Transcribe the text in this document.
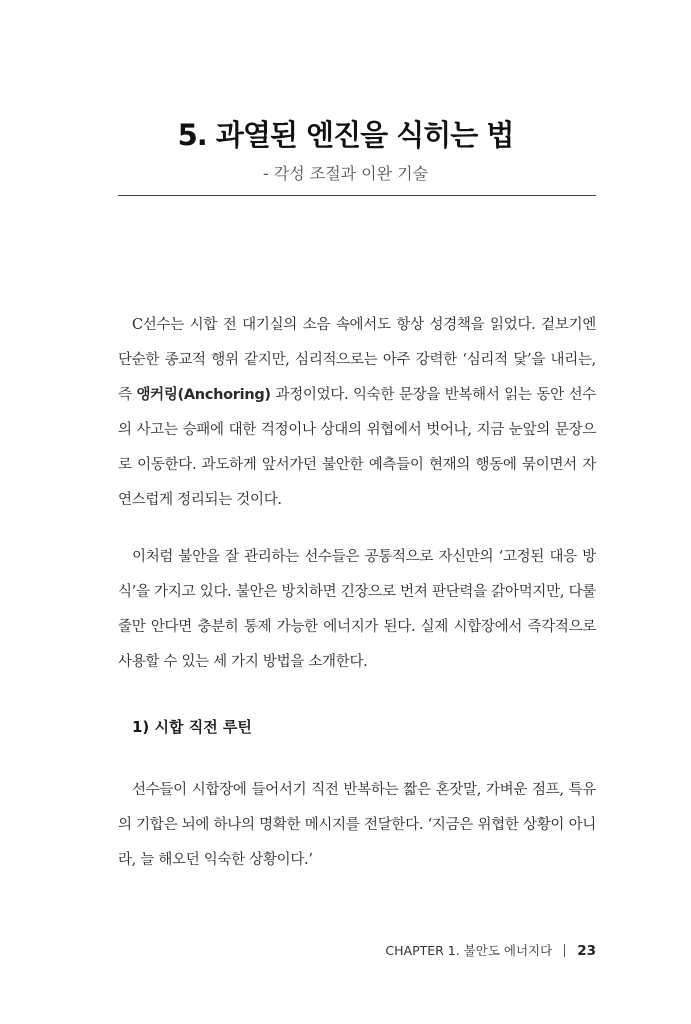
5. 과열된 엔진을 식히는 법
- 각성 조절과 이완 기술

C선수는 시합 전 대기실의 소음 속에서도 항상 성경책을 읽었다. 겉보기엔 단순한 종교적 행위 같지만, 심리적으로는 아주 강력한 ‘심리적 닻’을 내리는, 즉 앵커링(Anchoring) 과정이었다. 익숙한 문장을 반복해서 읽는 동안 선수의 사고는 승패에 대한 걱정이나 상대의 위협에서 벗어나, 지금 눈앞의 문장으로 이동한다. 과도하게 앞서가던 불안한 예측들이 현재의 행동에 묶이면서 자연스럽게 정리되는 것이다.

이처럼 불안을 잘 관리하는 선수들은 공통적으로 자신만의 ‘고정된 대응 방식’을 가지고 있다. 불안은 방치하면 긴장으로 번져 판단력을 갉아먹지만, 다룰 줄만 안다면 충분히 통제 가능한 에너지가 된다. 실제 시합장에서 즉각적으로 사용할 수 있는 세 가지 방법을 소개한다.

1) 시합 직전 루틴

선수들이 시합장에 들어서기 직전 반복하는 짧은 혼잣말, 가벼운 점프, 특유의 기합은 뇌에 하나의 명확한 메시지를 전달한다. ‘지금은 위협한 상황이 아니라, 늘 해오던 익숙한 상황이다.’

CHAPTER 1. 불안도 에너지다 23
